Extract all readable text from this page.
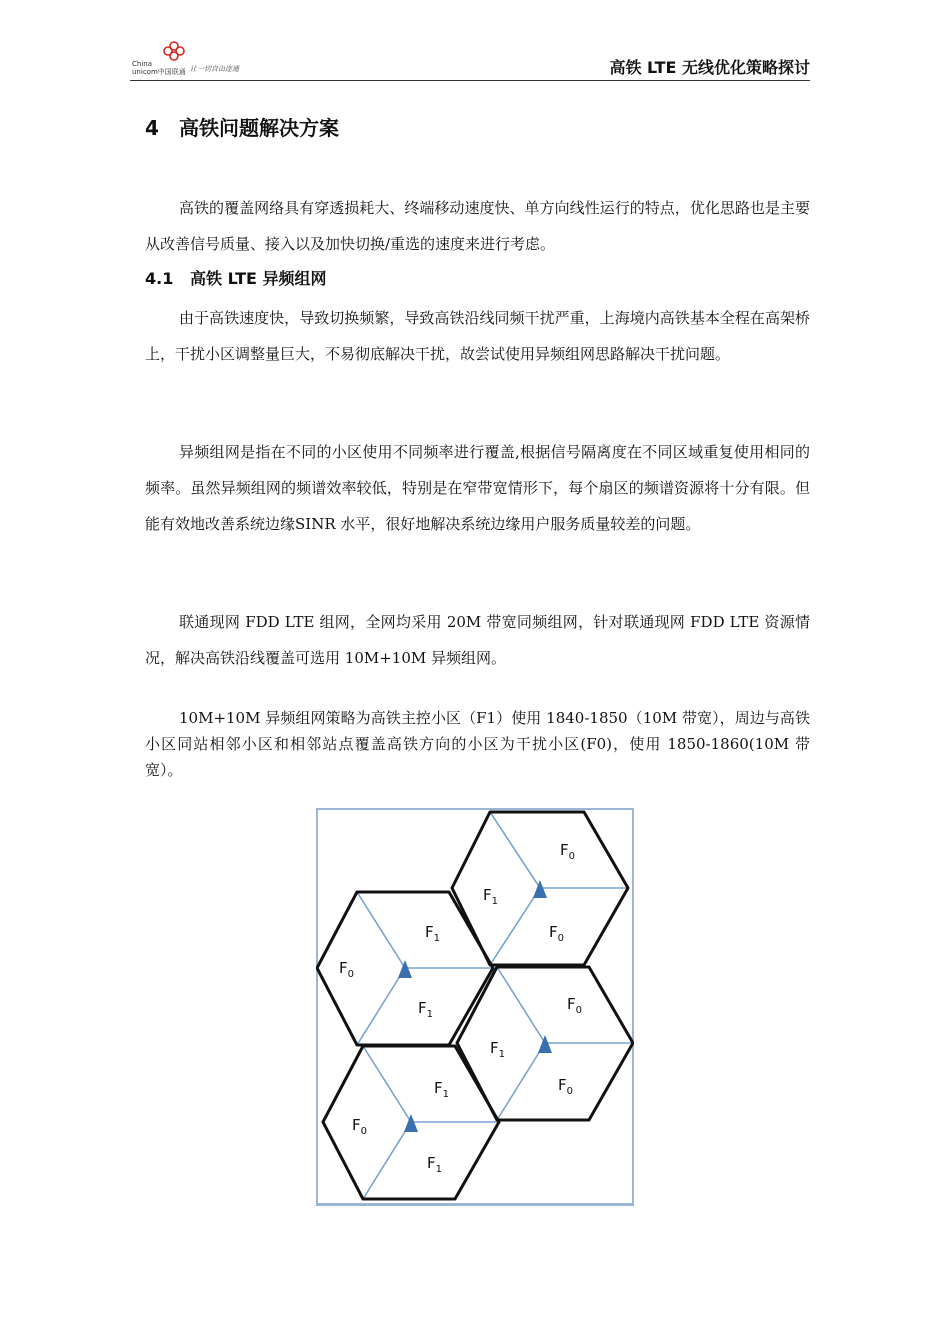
China
unicom中国联通 让一切自由连通	高铁 LTE 无线优化策略探讨
4 高铁问题解决方案

高铁的覆盖网络具有穿透损耗大、终端移动速度快、单方向线性运行的特点，优化思路也是主要从改善信号质量、接入以及加快切换/重选的速度来进行考虑。

4.1 高铁 LTE 异频组网

由于高铁速度快，导致切换频繁，导致高铁沿线同频干扰严重，上海境内高铁基本全程在高架桥上，干扰小区调整量巨大，不易彻底解决干扰，故尝试使用异频组网思路解决干扰问题。

异频组网是指在不同的小区使用不同频率进行覆盖,根据信号隔离度在不同区域重复使用相同的频率。虽然异频组网的频谱效率较低，特别是在窄带宽情形下，每个扇区的频谱资源将十分有限。但能有效地改善系统边缘SINR 水平，很好地解决系统边缘用户服务质量较差的问题。

联通现网 FDD LTE 组网，全网均采用 20M 带宽同频组网，针对联通现网 FDD LTE 资源情况，解决高铁沿线覆盖可选用 10M+10M 异频组网。

10M+10M 异频组网策略为高铁主控小区（F1）使用 1840-1850（10M 带宽），周边与高铁小区同站相邻小区和相邻站点覆盖高铁方向的小区为干扰小区(F0)，使用 1850-1860(10M 带宽）。

$F_0$
$F_1$
$F_0$
$F_1$
$F_0$
$F_1$
$F_0$
$F_1$
$F_0$
$F_1$
$F_0$
$F_1$
